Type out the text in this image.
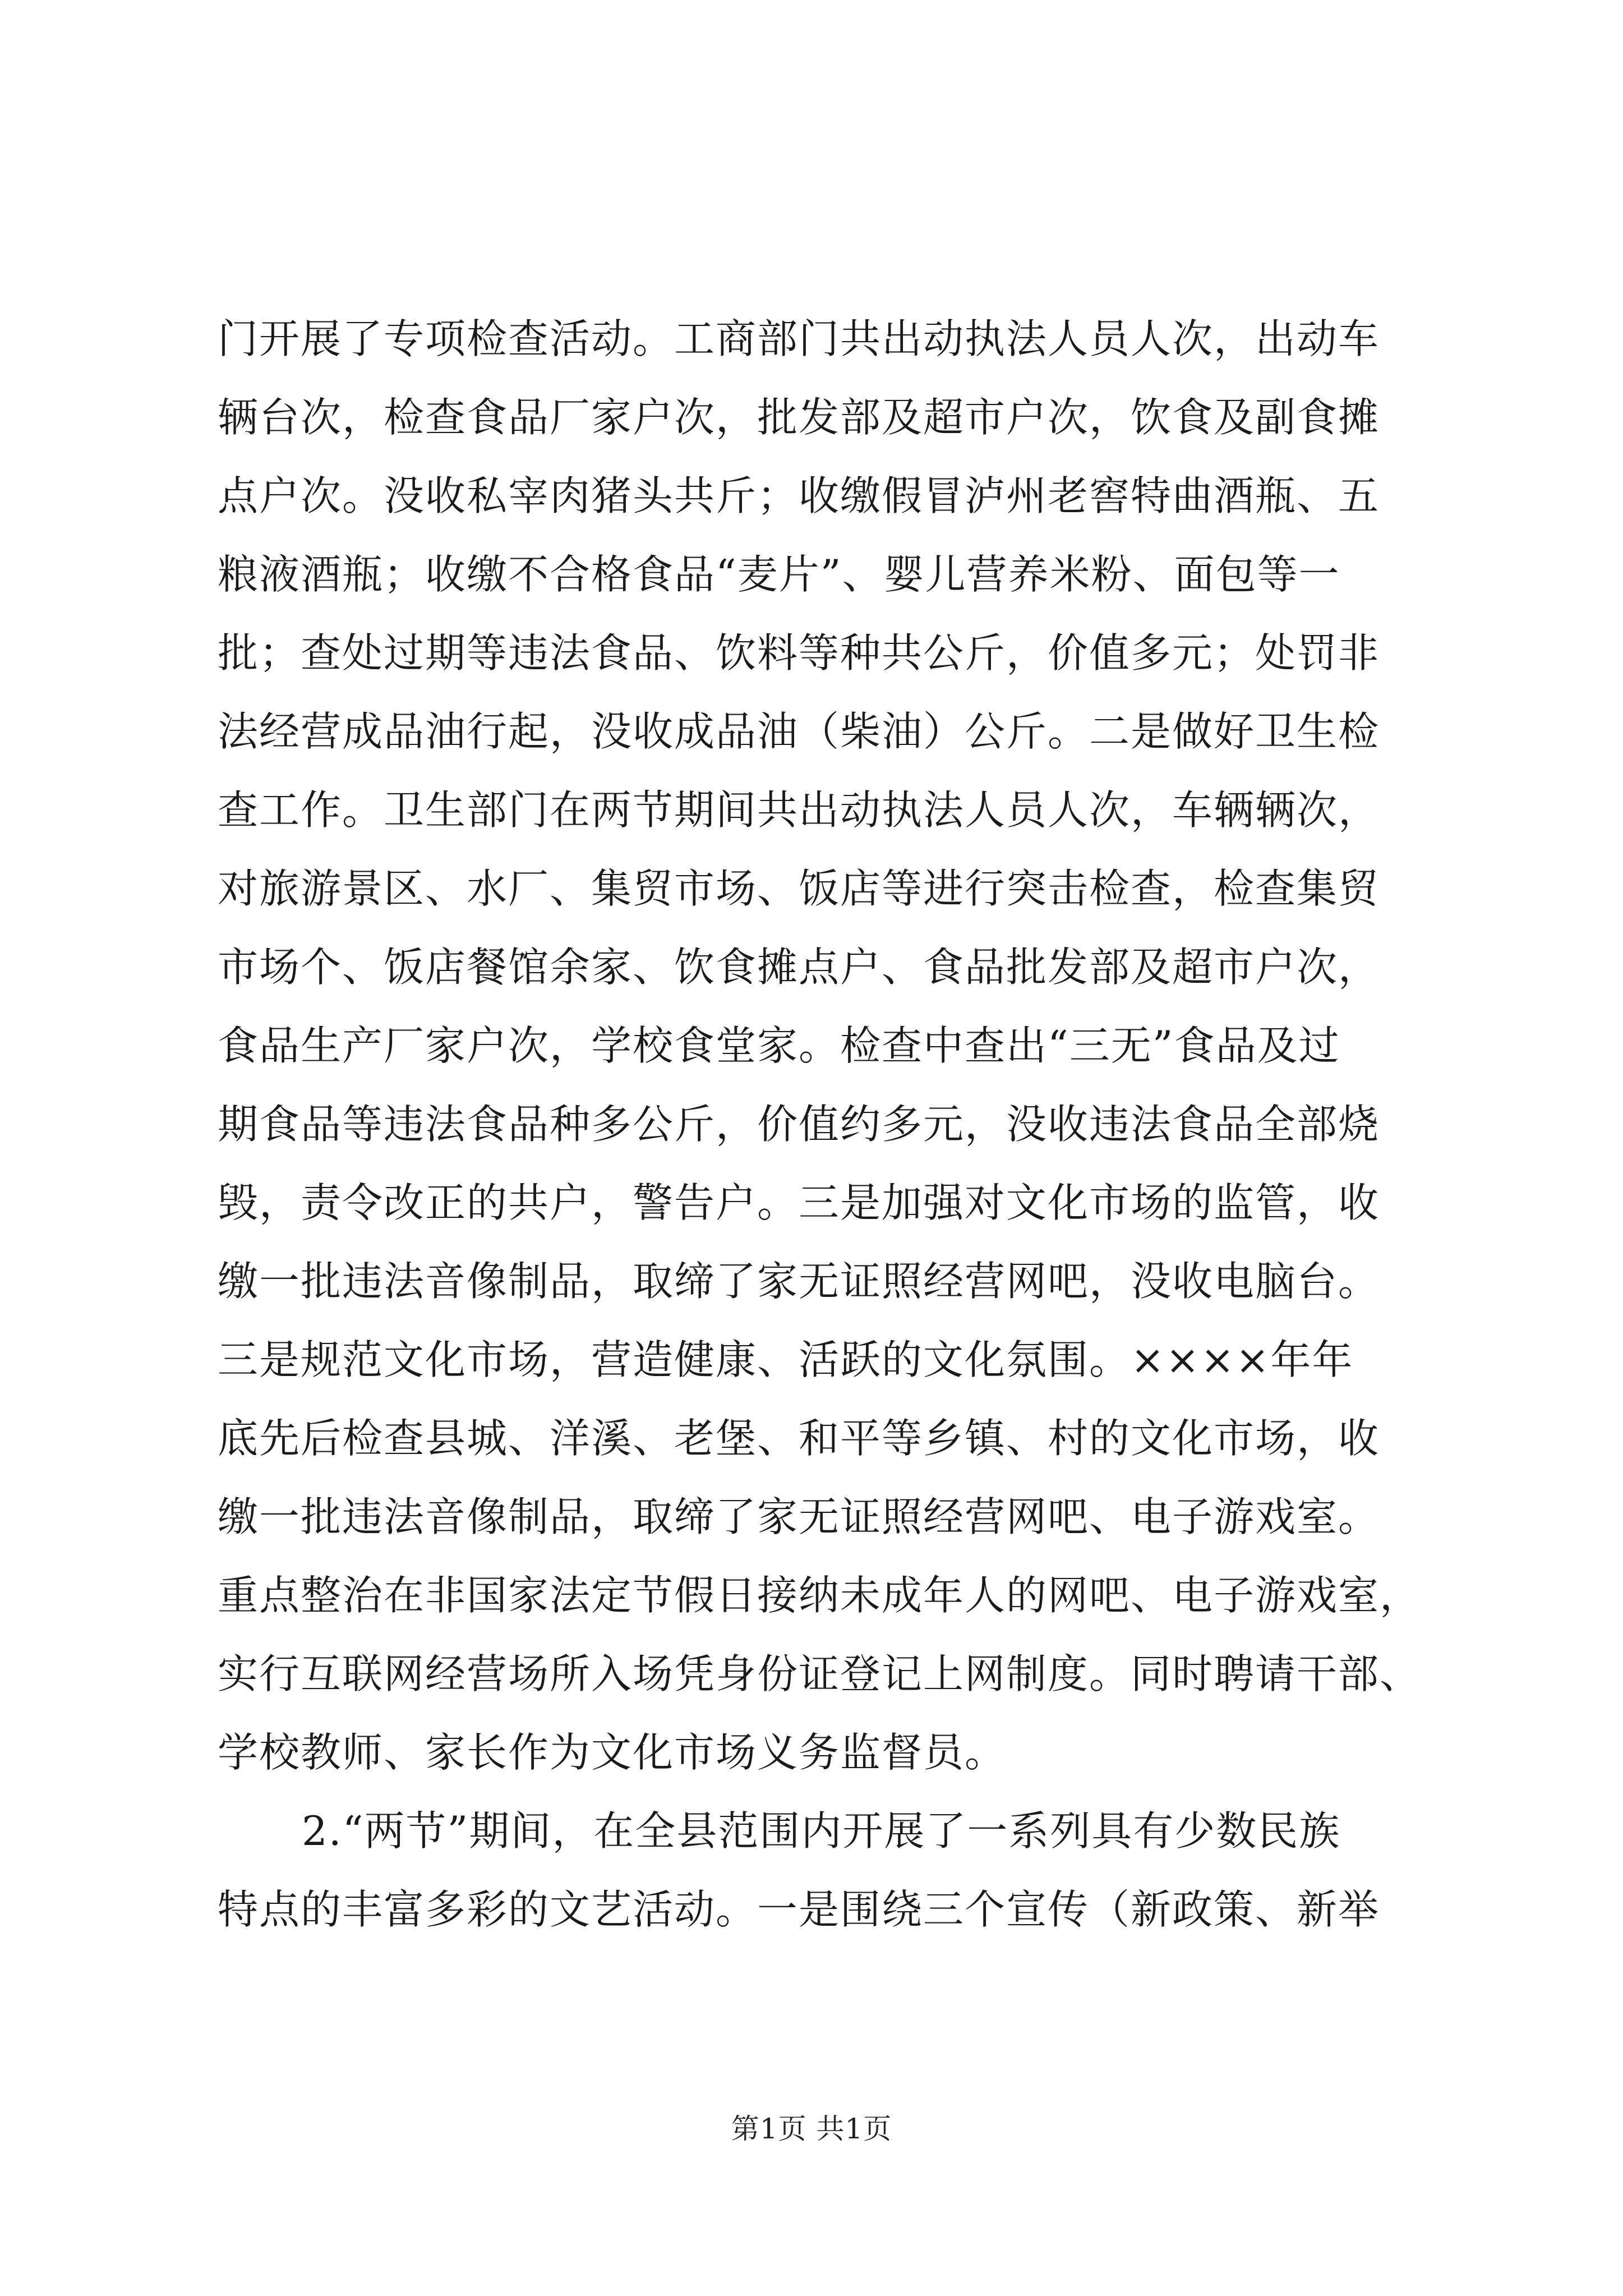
门开展了专项检查活动。工商部门共出动执法人员人次，出动车
辆台次，检查食品厂家户次，批发部及超市户次，饮食及副食摊
点户次。没收私宰肉猪头共斤；收缴假冒泸州老窖特曲酒瓶、五
粮液酒瓶；收缴不合格食品“麦片”、婴儿营养米粉、面包等一
批；查处过期等违法食品、饮料等种共公斤，价值多元；处罚非
法经营成品油行起，没收成品油（柴油）公斤。二是做好卫生检
查工作。卫生部门在两节期间共出动执法人员人次，车辆辆次，
对旅游景区、水厂、集贸市场、饭店等进行突击检查，检查集贸
市场个、饭店餐馆余家、饮食摊点户、食品批发部及超市户次，
食品生产厂家户次，学校食堂家。检查中查出“三无”食品及过
期食品等违法食品种多公斤，价值约多元，没收违法食品全部烧
毁，责令改正的共户，警告户。三是加强对文化市场的监管，收
缴一批违法音像制品，取缔了家无证照经营网吧，没收电脑台。
三是规范文化市场，营造健康、活跃的文化氛围。××××年年
底先后检查县城、洋溪、老堡、和平等乡镇、村的文化市场，收
缴一批违法音像制品，取缔了家无证照经营网吧、电子游戏室。
重点整治在非国家法定节假日接纳未成年人的网吧、电子游戏室，
实行互联网经营场所入场凭身份证登记上网制度。同时聘请干部、
学校教师、家长作为文化市场义务监督员。
2.“两节”期间，在全县范围内开展了一系列具有少数民族
特点的丰富多彩的文艺活动。一是围绕三个宣传（新政策、新举
第1页 共1页
